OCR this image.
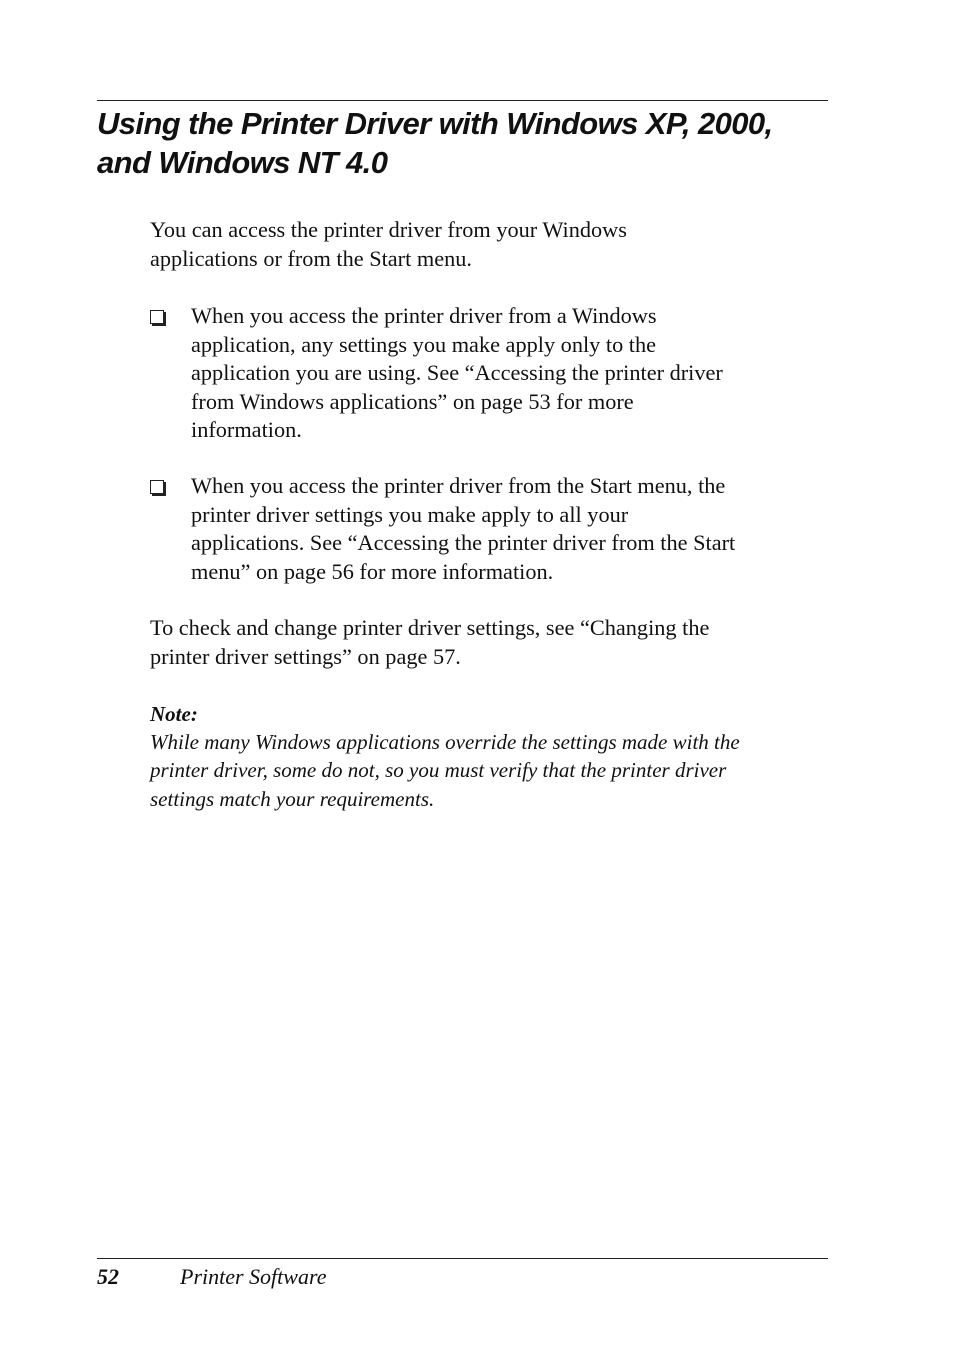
Using the Printer Driver with Windows XP, 2000,
and Windows NT 4.0

You can access the printer driver from your Windows
applications or from the Start menu.

When you access the printer driver from a Windows
application, any settings you make apply only to the
application you are using. See “Accessing the printer driver
from Windows applications” on page 53 for more
information.

When you access the printer driver from the Start menu, the
printer driver settings you make apply to all your
applications. See “Accessing the printer driver from the Start
menu” on page 56 for more information.

To check and change printer driver settings, see “Changing the
printer driver settings” on page 57.

Note:

While many Windows applications override the settings made with the
printer driver, some do not, so you must verify that the printer driver
settings match your requirements.

52	Printer Software
